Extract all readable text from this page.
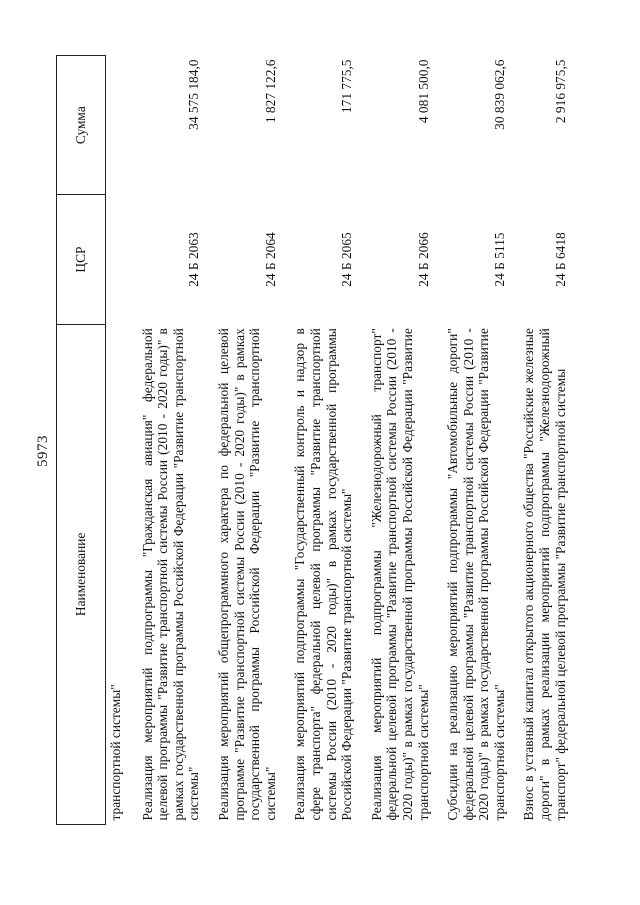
5973
Наименование	ЦСР	Сумма
транспортной системы"		
Реализация мероприятий подпрограммы "Гражданская авиация" федеральной целевой программы "Развитие транспортной системы России (2010 - 2020 годы)" в рамках государственной программы Российской Федерации "Развитие транспортной системы"	24 Б 2063	34 575 184,0
Реализация мероприятий общепрограммного характера по федеральной целевой программе "Развитие транспортной системы России (2010 - 2020 годы)" в рамках государственной программы Российской Федерации "Развитие транспортной системы"	24 Б 2064	1 827 122,6
Реализация мероприятий подпрограммы "Государственный контроль и надзор в сфере транспорта" федеральной целевой программы "Развитие транспортной системы России (2010 - 2020 годы)" в рамках государственной программы Российской Федерации "Развитие транспортной системы"	24 Б 2065	171 775,5
Реализация мероприятий подпрограммы "Железнодорожный транспорт" федеральной целевой программы "Развитие транспортной системы России (2010 - 2020 годы)" в рамках государственной программы Российской Федерации "Развитие транспортной системы"	24 Б 2066	4 081 500,0
Субсидии на реализацию мероприятий подпрограммы "Автомобильные дороги" федеральной целевой программы "Развитие транспортной системы России (2010 - 2020 годы)" в рамках государственной программы Российской Федерации "Развитие транспортной системы"	24 Б 5115	30 839 062,6
Взнос в уставный капитал открытого акционерного общества "Российские железные дороги" в рамках реализации мероприятий подпрограммы "Железнодорожный транспорт" федеральной целевой программы "Развитие транспортной системы	24 Б 6418	2 916 975,5
